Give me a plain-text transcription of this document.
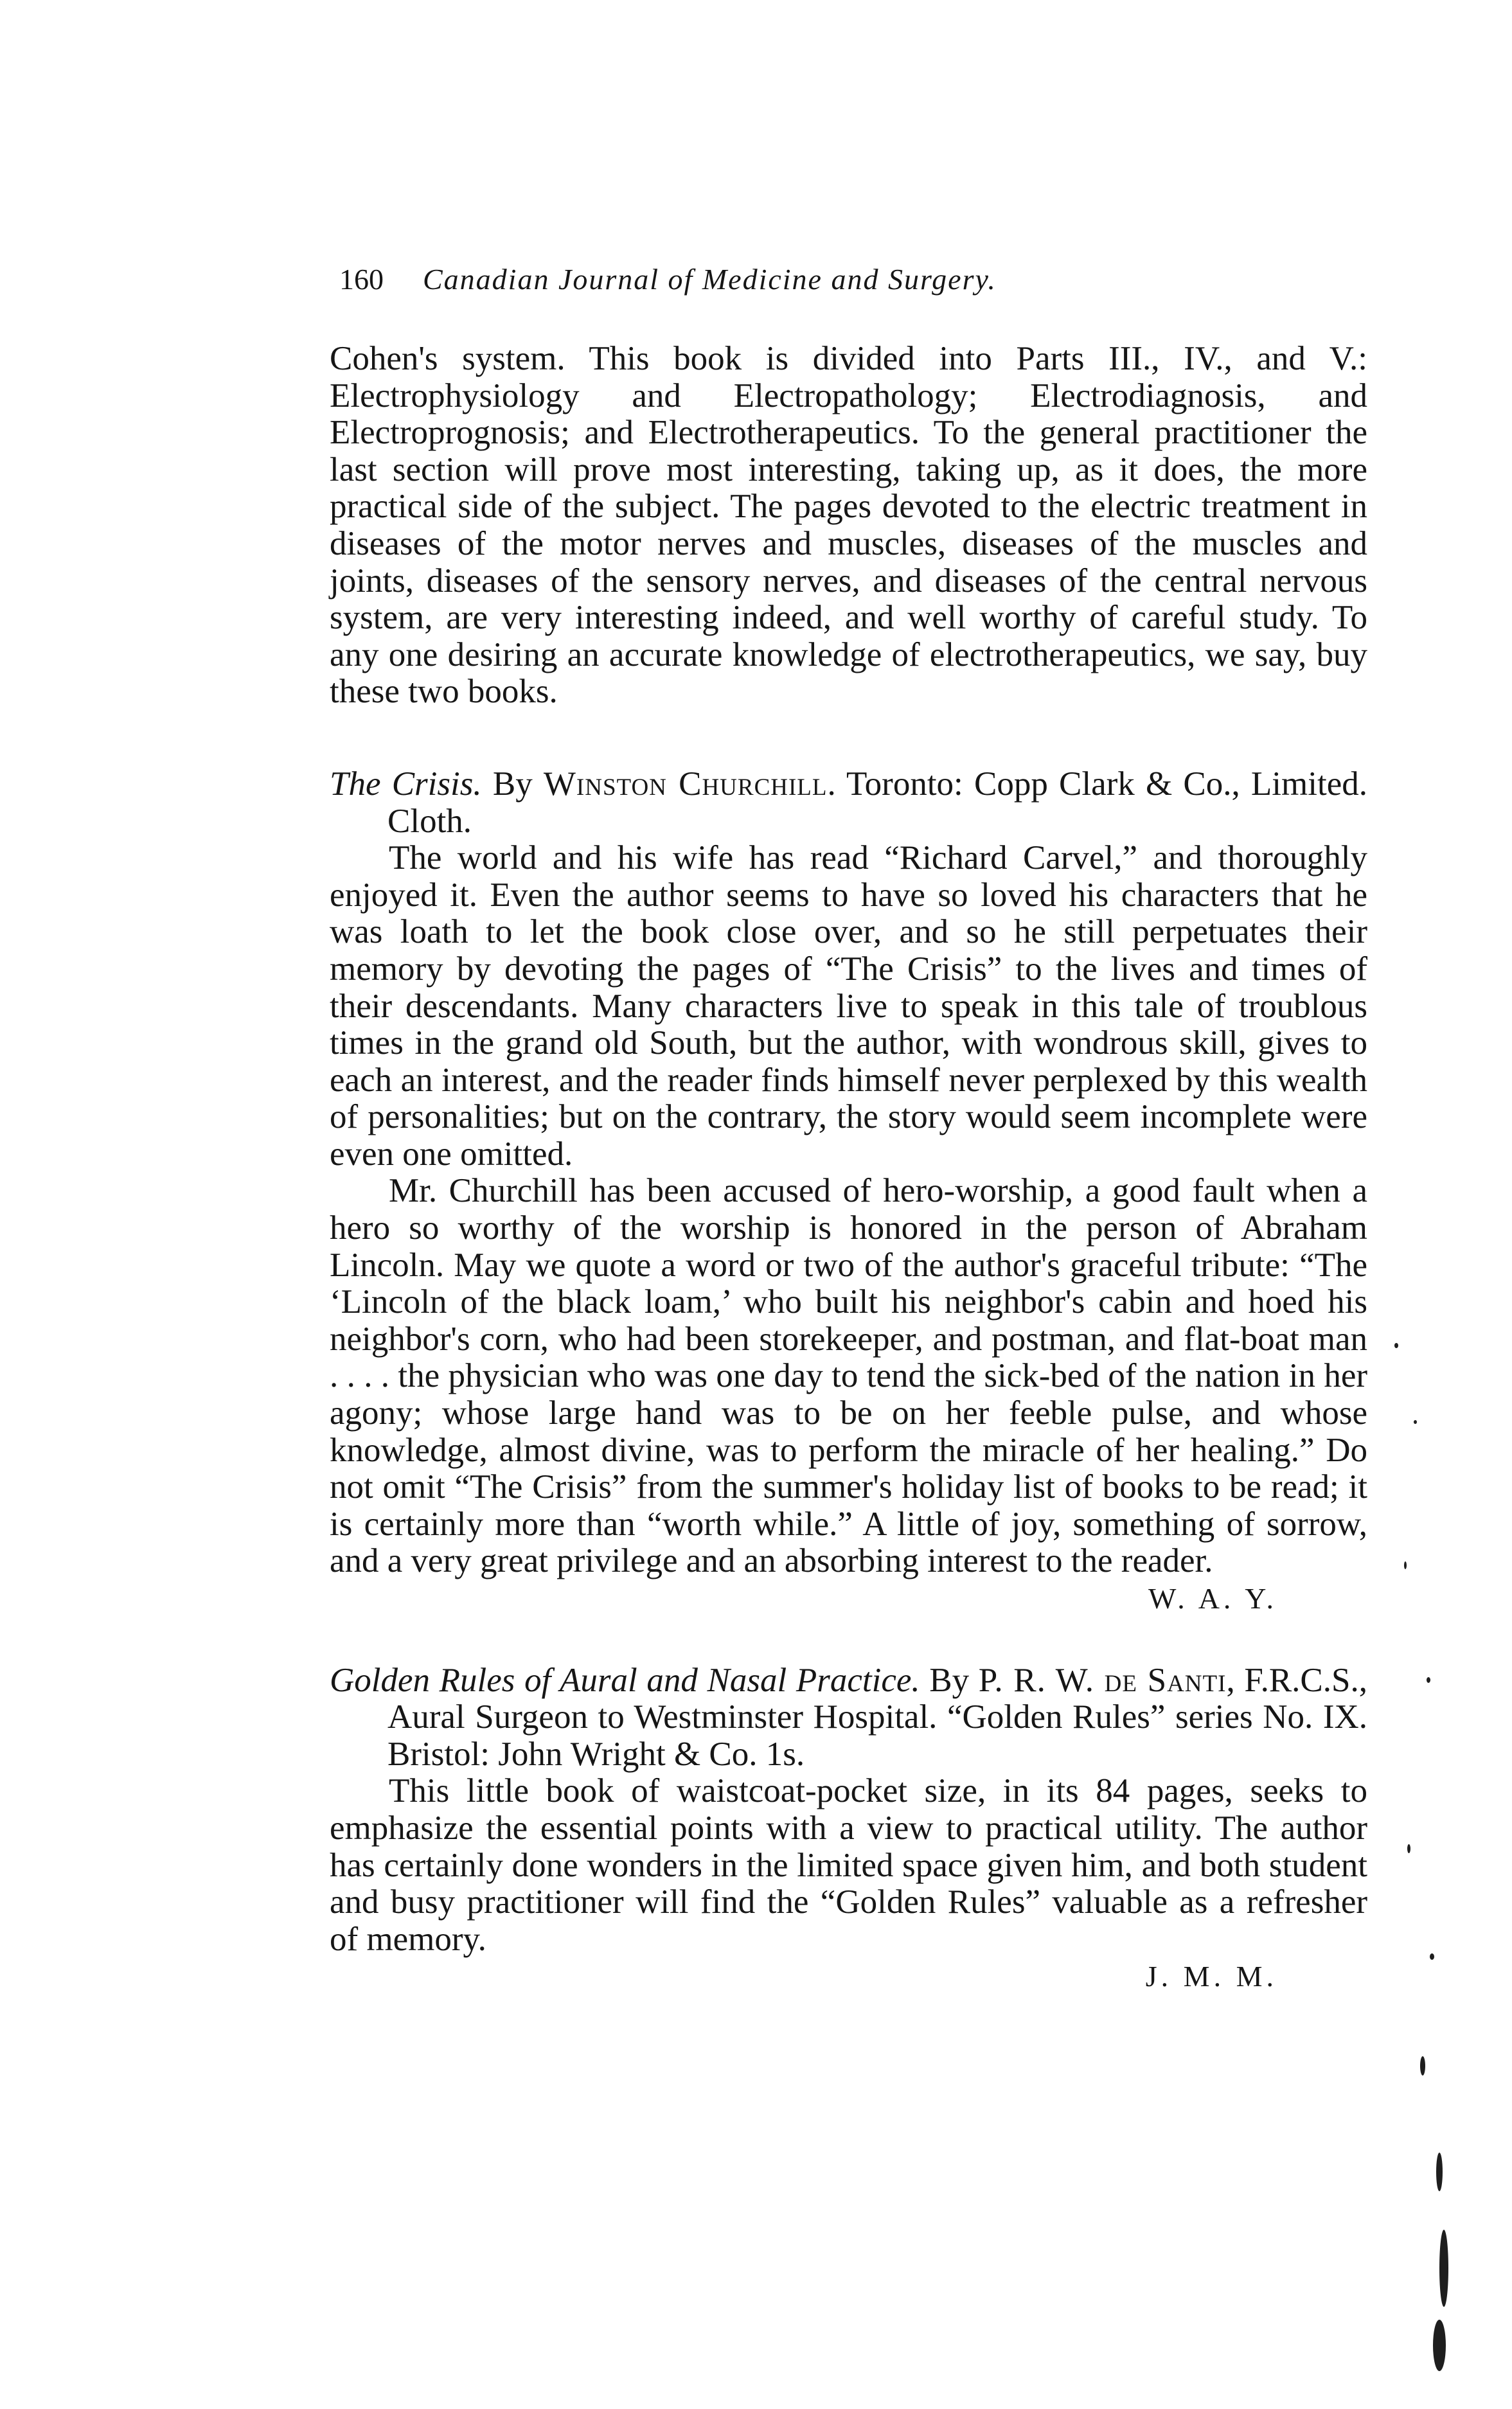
160	Canadian Journal of Medicine and Surgery.

Cohen's system. This book is divided into Parts III., IV., and V.: Electrophysiology and Electropathology; Electrodiagnosis, and Electroprognosis; and Electrotherapeutics. To the general practitioner the last section will prove most interesting, taking up, as it does, the more practical side of the subject. The pages devoted to the electric treatment in diseases of the motor nerves and muscles, diseases of the muscles and joints, diseases of the sensory nerves, and diseases of the central nervous system, are very interesting indeed, and well worthy of careful study. To any one desiring an accurate knowledge of electrotherapeutics, we say, buy these two books.

The Crisis. By Winston Churchill. Toronto: Copp Clark & Co., Limited. Cloth.

The world and his wife has read “Richard Carvel,” and thoroughly enjoyed it. Even the author seems to have so loved his characters that he was loath to let the book close over, and so he still perpetuates their memory by devoting the pages of “The Crisis” to the lives and times of their descendants. Many characters live to speak in this tale of troublous times in the grand old South, but the author, with wondrous skill, gives to each an interest, and the reader finds himself never perplexed by this wealth of personalities; but on the contrary, the story would seem incomplete were even one omitted.

Mr. Churchill has been accused of hero-worship, a good fault when a hero so worthy of the worship is honored in the person of Abraham Lincoln. May we quote a word or two of the author's graceful tribute: “The ‘Lincoln of the black loam,’ who built his neighbor's cabin and hoed his neighbor's corn, who had been storekeeper, and postman, and flat-boat man . . . . the physician who was one day to tend the sick-bed of the nation in her agony; whose large hand was to be on her feeble pulse, and whose knowledge, almost divine, was to perform the miracle of her healing.” Do not omit “The Crisis” from the summer's holiday list of books to be read; it is certainly more than “worth while.” A little of joy, something of sorrow, and a very great privilege and an absorbing interest to the reader.

W. A. Y.

Golden Rules of Aural and Nasal Practice. By P. R. W. de Santi, F.R.C.S., Aural Surgeon to Westminster Hospital. “Golden Rules” series No. IX. Bristol: John Wright & Co. 1s.

This little book of waistcoat-pocket size, in its 84 pages, seeks to emphasize the essential points with a view to practical utility. The author has certainly done wonders in the limited space given him, and both student and busy practitioner will find the “Golden Rules” valuable as a refresher of memory.

J. M. M.
